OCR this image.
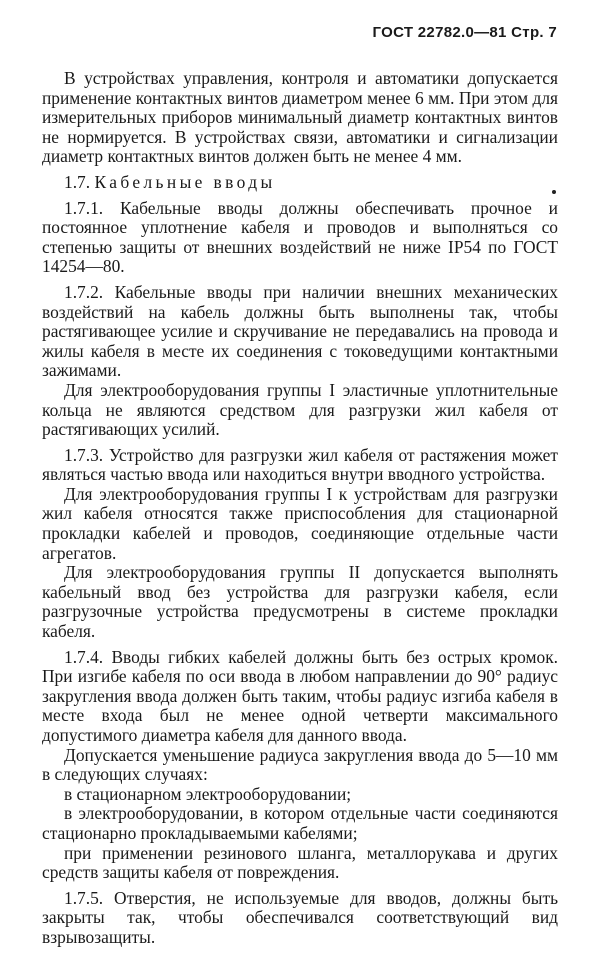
ГОСТ 22782.0—81 Стр. 7

В устройствах управления, контроля и автоматики допускается применение контактных винтов диаметром менее 6 мм. При этом для измерительных приборов минимальный диаметр контактных винтов не нормируется. В устройствах связи, автоматики и сигнализации диаметр контактных винтов должен быть не менее 4 мм.

1.7. Кабельные вводы

1.7.1. Кабельные вводы должны обеспечивать прочное и постоянное уплотнение кабеля и проводов и выполняться со степенью защиты от внешних воздействий не ниже IP54 по ГОСТ 14254—80.

1.7.2. Кабельные вводы при наличии внешних механических воздействий на кабель должны быть выполнены так, чтобы растягивающее усилие и скручивание не передавались на провода и жилы кабеля в месте их соединения с токоведущими контактными зажимами.

Для электрооборудования группы I эластичные уплотнительные кольца не являются средством для разгрузки жил кабеля от растягивающих усилий.

1.7.3. Устройство для разгрузки жил кабеля от растяжения может являться частью ввода или находиться внутри вводного устройства.

Для электрооборудования группы I к устройствам для разгрузки жил кабеля относятся также приспособления для стационарной прокладки кабелей и проводов, соединяющие отдельные части агрегатов.

Для электрооборудования группы II допускается выполнять кабельный ввод без устройства для разгрузки кабеля, если разгрузочные устройства предусмотрены в системе прокладки кабеля.

1.7.4. Вводы гибких кабелей должны быть без острых кромок. При изгибе кабеля по оси ввода в любом направлении до 90° радиус закругления ввода должен быть таким, чтобы радиус изгиба кабеля в месте входа был не менее одной четверти максимального допустимого диаметра кабеля для данного ввода.

Допускается уменьшение радиуса закругления ввода до 5—10 мм в следующих случаях:

в стационарном электрооборудовании;

в электрооборудовании, в котором отдельные части соединяются стационарно прокладываемыми кабелями;

при применении резинового шланга, металлорукава и других средств защиты кабеля от повреждения.

1.7.5. Отверстия, не используемые для вводов, должны быть закрыты так, чтобы обеспечивался соответствующий вид взрывозащиты.
